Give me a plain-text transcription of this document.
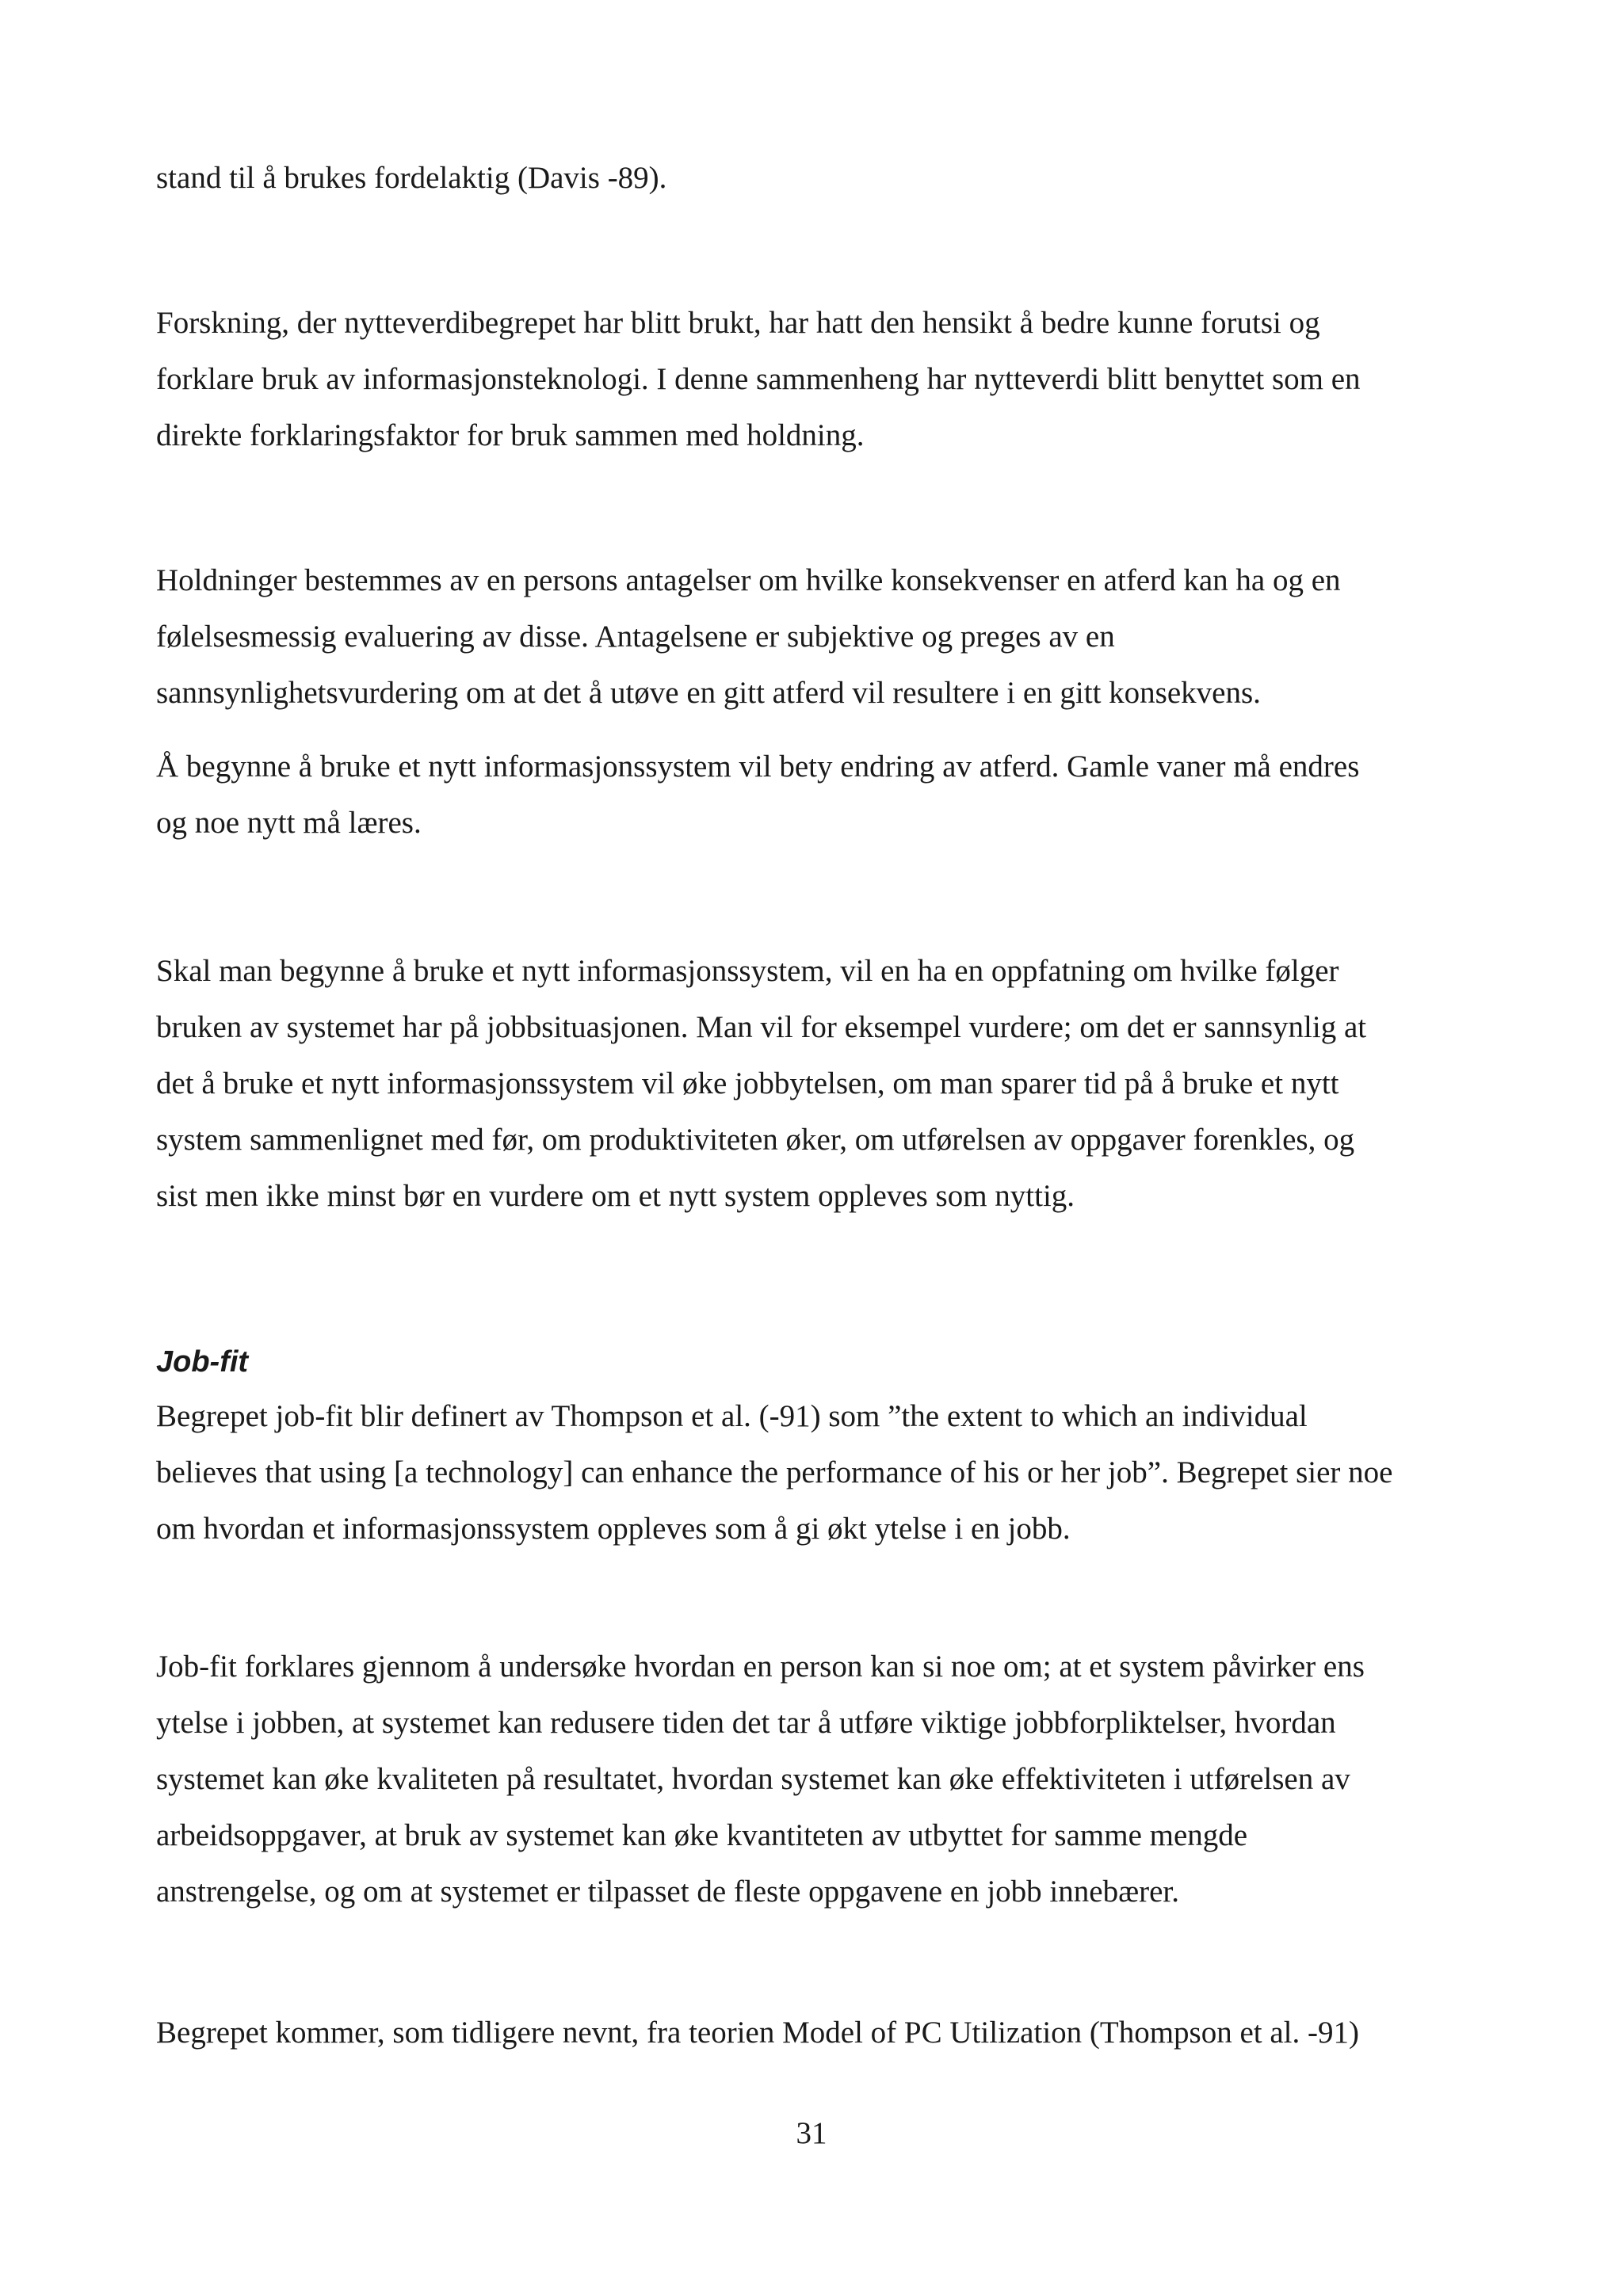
stand til å brukes fordelaktig (Davis -89).
Forskning, der nytteverdibegrepet har blitt brukt, har hatt den hensikt å bedre kunne forutsi og
forklare bruk av informasjonsteknologi. I denne sammenheng har nytteverdi blitt benyttet som en
direkte forklaringsfaktor for bruk sammen med holdning.
Holdninger bestemmes av en persons antagelser om hvilke konsekvenser en atferd kan ha og en
følelsesmessig evaluering av disse. Antagelsene er subjektive og preges av en
sannsynlighetsvurdering om at det å utøve en gitt atferd vil resultere i en gitt konsekvens.
Å begynne å bruke et nytt informasjonssystem vil bety endring av atferd. Gamle vaner må endres
og noe nytt må læres.
Skal man begynne å bruke et nytt informasjonssystem, vil en ha en oppfatning om hvilke følger
bruken av systemet har på jobbsituasjonen. Man vil for eksempel vurdere; om det er sannsynlig at
det å bruke et nytt informasjonssystem vil øke jobbytelsen, om man sparer tid på å bruke et nytt
system sammenlignet med før, om produktiviteten øker, om utførelsen av oppgaver forenkles, og
sist men ikke minst bør en vurdere om et nytt system oppleves som nyttig.
Job-fit
Begrepet job-fit blir definert av Thompson et al. (-91) som ”the extent to which an individual
believes that using [a technology] can enhance the performance of his or her job”. Begrepet sier noe
om hvordan et informasjonssystem oppleves som å gi økt ytelse i en jobb.
Job-fit forklares gjennom å undersøke hvordan en person kan si noe om; at et system påvirker ens
ytelse i jobben, at systemet kan redusere tiden det tar å utføre viktige jobbforpliktelser, hvordan
systemet kan øke kvaliteten på resultatet, hvordan systemet kan øke effektiviteten i utførelsen av
arbeidsoppgaver, at bruk av systemet kan øke kvantiteten av utbyttet for samme mengde
anstrengelse, og om at systemet er tilpasset de fleste oppgavene en jobb innebærer.
Begrepet kommer, som tidligere nevnt, fra teorien Model of PC Utilization (Thompson et al. -91)
31
